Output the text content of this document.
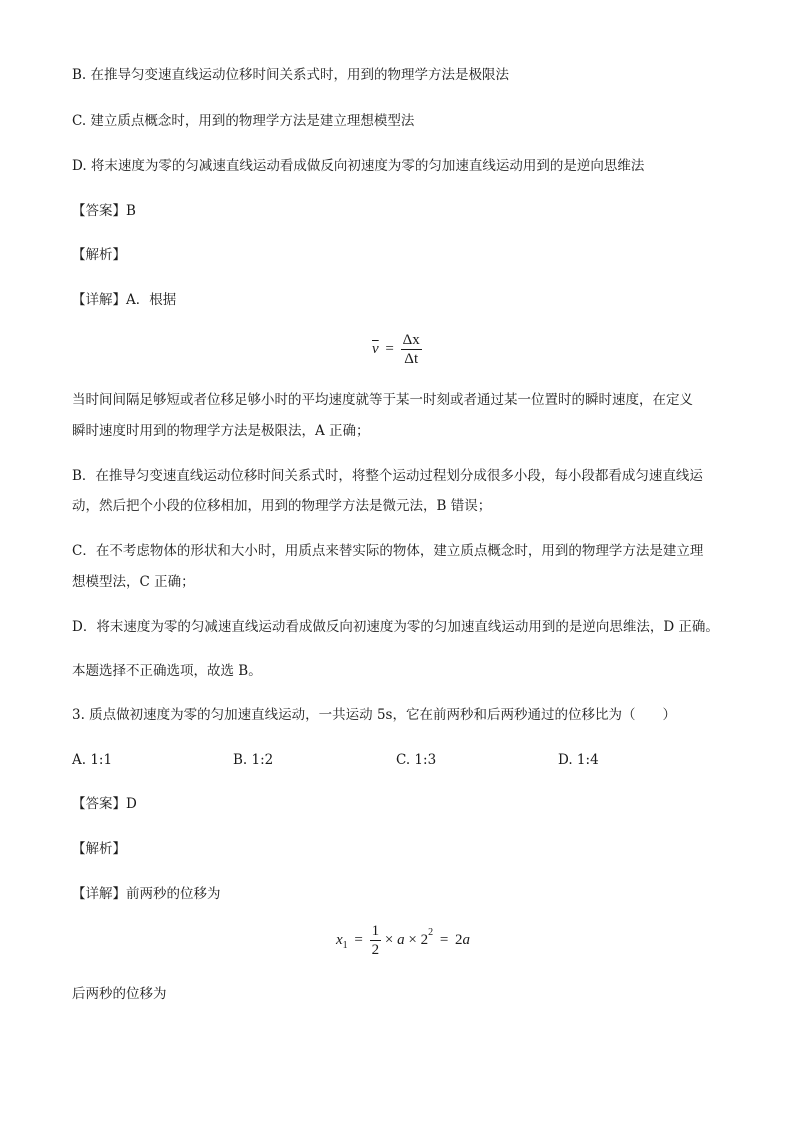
B. 在推导匀变速直线运动位移时间关系式时，用到的物理学方法是极限法
C. 建立质点概念时，用到的物理学方法是建立理想模型法
D. 将末速度为零的匀减速直线运动看成做反向初速度为零的匀加速直线运动用到的是逆向思维法
【答案】B
【解析】
【详解】A．根据
$\overline{v} = \frac{\Delta x}{\Delta t}$
当时间间隔足够短或者位移足够小时的平均速度就等于某一时刻或者通过某一位置时的瞬时速度，在定义
瞬时速度时用到的物理学方法是极限法，A 正确；
B．在推导匀变速直线运动位移时间关系式时，将整个运动过程划分成很多小段，每小段都看成匀速直线运
动，然后把个小段的位移相加，用到的物理学方法是微元法，B 错误；
C．在不考虑物体的形状和大小时，用质点来替实际的物体，建立质点概念时，用到的物理学方法是建立理
想模型法，C 正确；
D．将末速度为零的匀减速直线运动看成做反向初速度为零的匀加速直线运动用到的是逆向思维法，D 正确。
本题选择不正确选项，故选 B。
3. 质点做初速度为零的匀加速直线运动，一共运动 5s，它在前两秒和后两秒通过的位移比为（　　）
A. 1:1	B. 1:2	C. 1:3	D. 1:4
【答案】D
【解析】
【详解】前两秒的位移为
$x_1 = \frac{1}{2} \times a \times 2^2 = 2a$
后两秒的位移为
